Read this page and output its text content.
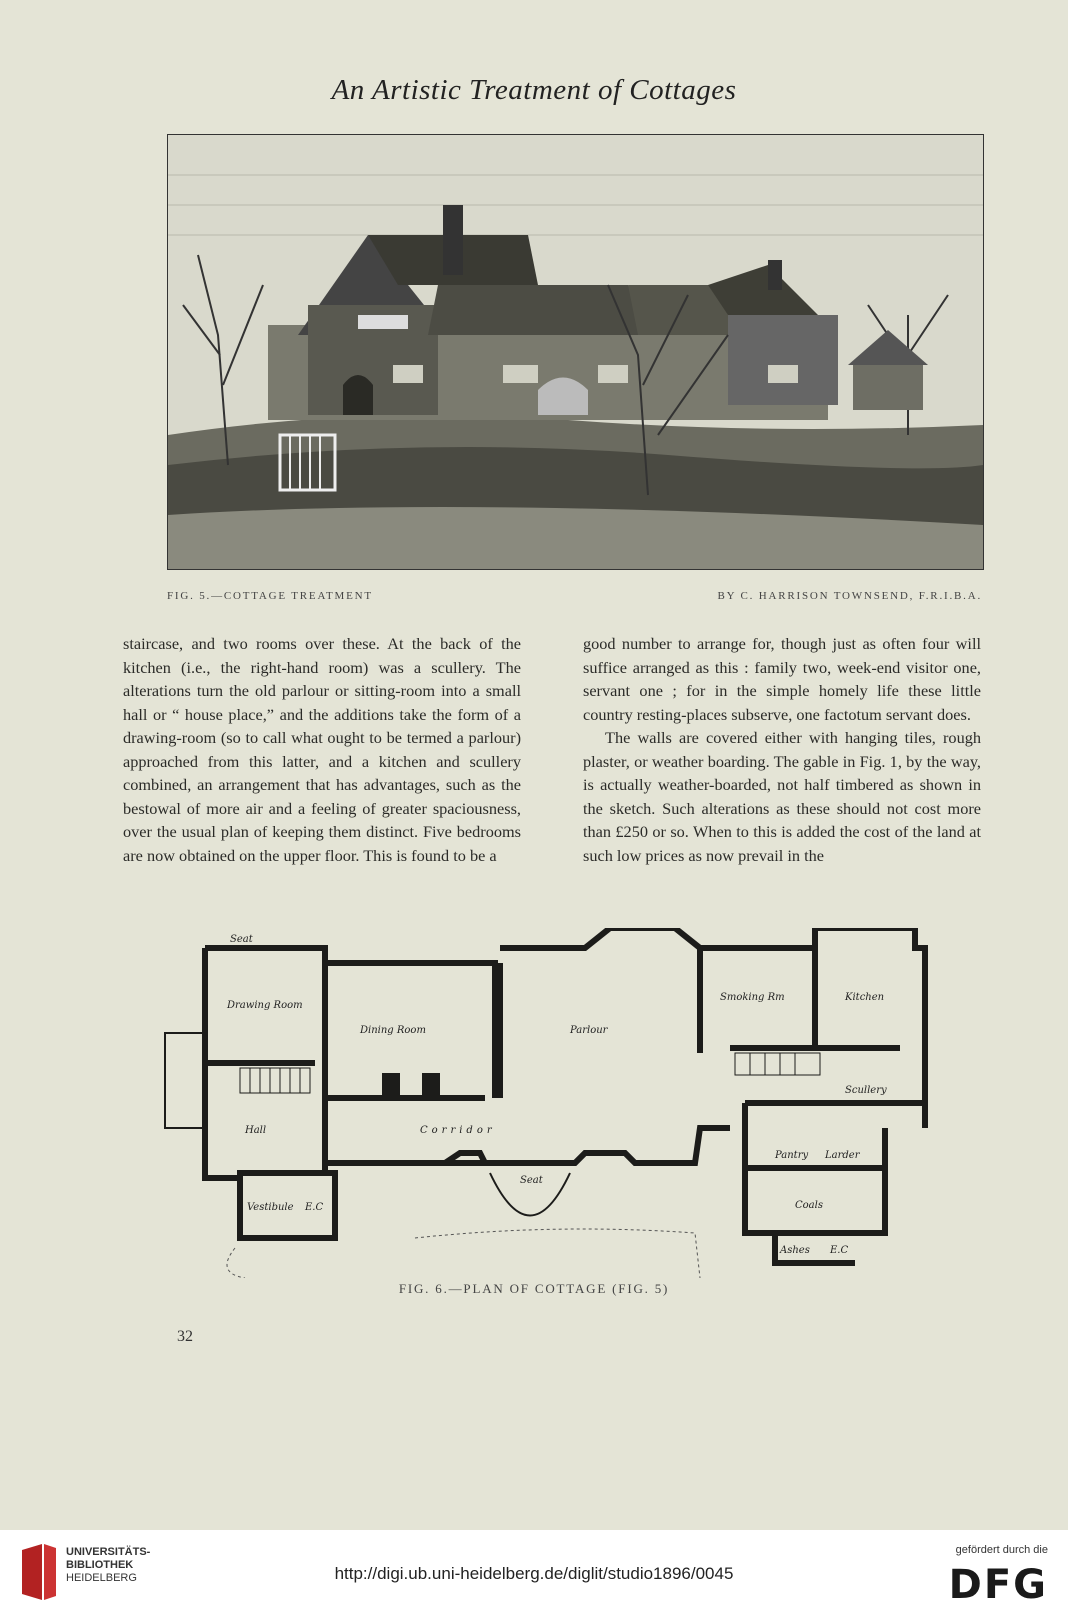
An Artistic Treatment of Cottages
FIG. 5.—COTTAGE TREATMENT	BY C. HARRISON TOWNSEND, F.R.I.B.A.

staircase, and two rooms over these. At the back of the kitchen (i.e., the right-hand room) was a scullery. The alterations turn the old parlour or sitting-room into a small hall or “ house place,” and the additions take the form of a drawing-room (so to call what ought to be termed a parlour) approached from this latter, and a kitchen and scullery combined, an arrangement that has advantages, such as the bestowal of more air and a feeling of greater spaciousness, over the usual plan of keeping them distinct. Five bedrooms are now obtained on the upper floor. This is found to be a

good number to arrange for, though just as often four will suffice arranged as this : family two, week-end visitor one, servant one ; for in the simple homely life these little country resting-places subserve, one factotum servant does.

The walls are covered either with hanging tiles, rough plaster, or weather boarding. The gable in Fig. 1, by the way, is actually weather-boarded, not half timbered as shown in the sketch. Such alterations as these should not cost more than £250 or so. When to this is added the cost of the land at such low prices as now prevail in the

Seat
Drawing Room
Dining Room	Parlour
Smoking Rm	Kitchen
Scullery
Hall	Corridor
Seat
Pantry Larder
Coals
Ashes E.C
Vestibule E.C
FIG. 6.—PLAN OF COTTAGE (FIG. 5)
32
UNIVERSITÄTS-
BIBLIOTHEK
HEIDELBERG	http://digi.ub.uni-heidelberg.de/diglit/studio1896/0045
gefördert durch die
DFG
